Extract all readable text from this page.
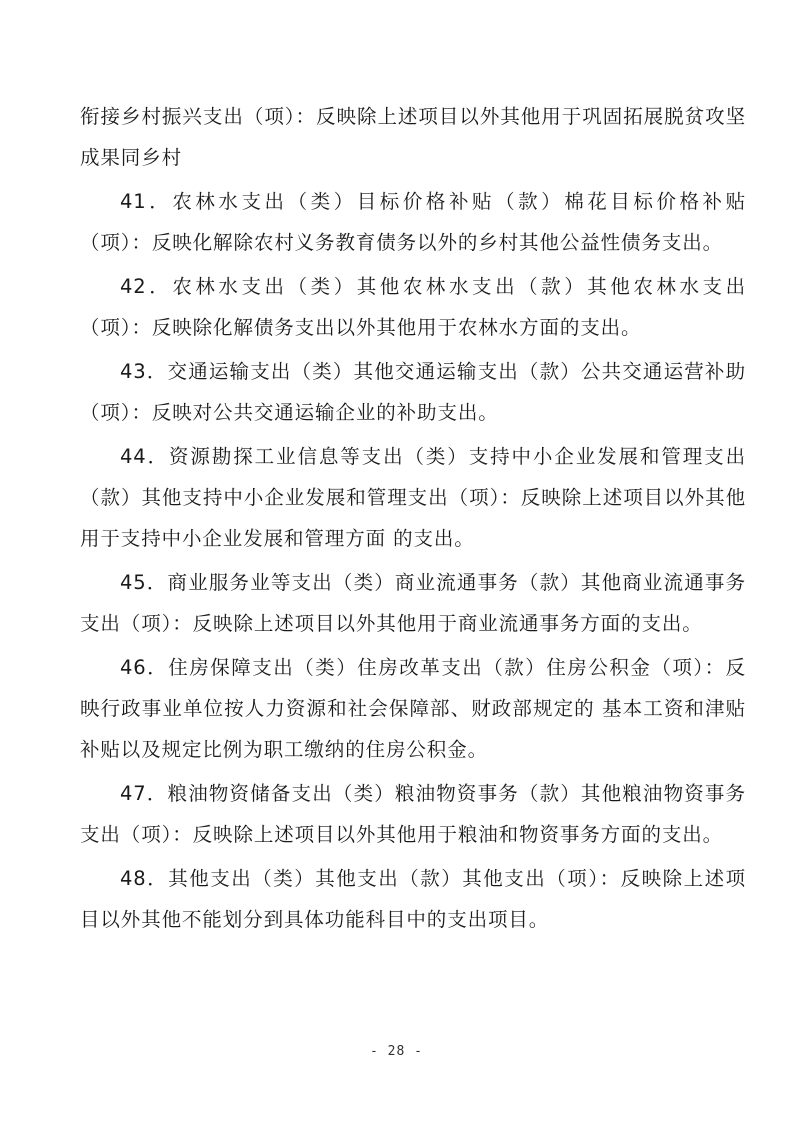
衔接乡村振兴支出（项）：反映除上述项目以外其他用于巩固拓展脱贫攻坚成果同乡村

41．农林水支出（类）目标价格补贴（款）棉花目标价格补贴（项）：反映化解除农村义务教育债务以外的乡村其他公益性债务支出。

42．农林水支出（类）其他农林水支出（款）其他农林水支出（项）：反映除化解债务支出以外其他用于农林水方面的支出。

43．交通运输支出（类）其他交通运输支出（款）公共交通运营补助（项）：反映对公共交通运输企业的补助支出。

44．资源勘探工业信息等支出（类）支持中小企业发展和管理支出（款）其他支持中小企业发展和管理支出（项）：反映除上述项目以外其他用于支持中小企业发展和管理方面 的支出。

45．商业服务业等支出（类）商业流通事务（款）其他商业流通事务支出（项）：反映除上述项目以外其他用于商业流通事务方面的支出。

46．住房保障支出（类）住房改革支出（款）住房公积金（项）：反映行政事业单位按人力资源和社会保障部、财政部规定的 基本工资和津贴补贴以及规定比例为职工缴纳的住房公积金。

47．粮油物资储备支出（类）粮油物资事务（款）其他粮油物资事务支出（项）：反映除上述项目以外其他用于粮油和物资事务方面的支出。

48．其他支出（类）其他支出（款）其他支出（项）：反映除上述项目以外其他不能划分到具体功能科目中的支出项目。

- 28 -
